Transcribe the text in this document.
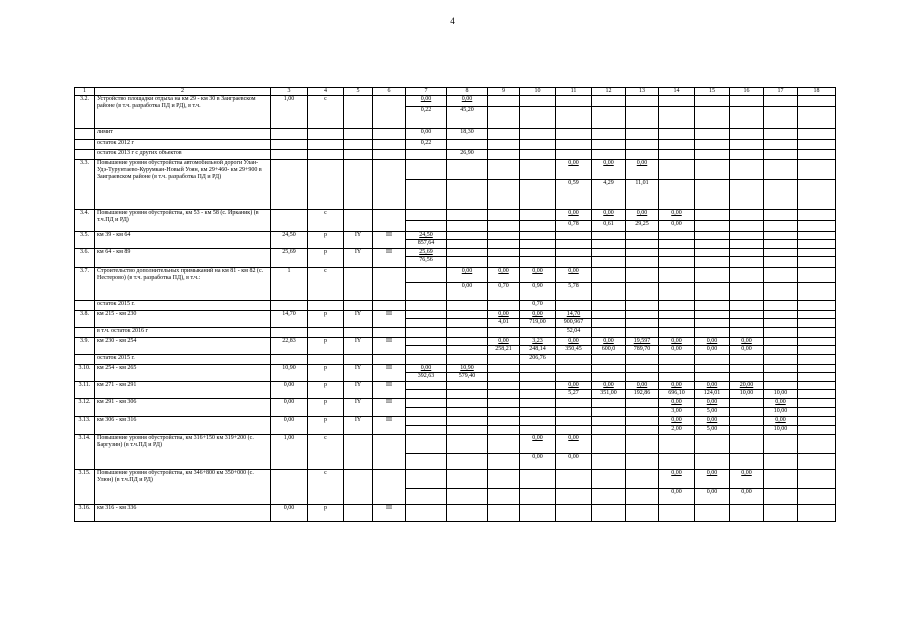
4
1	2	3	4	5	6	7	8	9	10	11	12	13	14	15	16	17	18
3.2.	Устройство площадки отдыха на км 29 - км 30 в Заиграевском районе (в т.ч. разработка ПД и РД), в т.ч.	1,00	с			0,00	0,00										
						0,22	45,20										
	лимит					0,00	18,30										
	остаток 2012 г					0,22											
	остаток 2013 г с других объектов						26,90										
3.3.	Повышение уровня обустройства автомобильной дороги Улан-Удэ-Турунтаево-Курумкан-Новый Уоян, км 29+460- км 29+900 в Заиграевском районе (в т.ч. разработка ПД и РД)									0,00	0,00	0,00					
										0,59	4,29	11,01					
3.4.	Повышение уровня обустройства, км 53 - км 58 (с. Ирканик) (в т.ч.ПД и РД)		с							0,00	0,00	0,00	0,00				
										0,78	0,61	29,25	0,00				
3.5.	км 39 - км 64	24,50	р	IY	III	24,50											
						857,64											
3.6.	км 64 - км 89	25,69	р	IY	III	25,69											
						76,56											
3.7.	Строительство дополнительных примыканий на км 81 - км 82 (с. Нестерово) (в т.ч. разработка ПД), в т.ч.:	1	с				0,00	0,00	0,00	0,00							
							0,00	0,70	0,90	5,78							
	остаток 2015 г.								0,70								
3.8.	км 215 - км 230	14,70	р	IY	III			0,00	0,00	14,70							
								4,01	719,00	900,967							
	в т.ч. остаток 2016 г									52,04							
3.9.	км 230 - км 254	22,83	р	IY	III			0,00	3,23	0,00	0,00	19,597	0,00	0,00	0,00		
								258,21	248,14	350,45	600,0	789,70	0,00	0,00	0,00		
	остаток 2015 г.								206,76								
3.10.	км 254 - км 265	10,90	р	IY	III	0,00	10,90										
						392,63	579,40										
3.11.	км 271 - км 291	0,00	р	IY	III					0,00	0,00	0,00	0,00	0,00	20,00		
										5,27	351,00	192,86	696,10	124,01	10,00	10,00	
3.12.	км 291 - км 306	0,00	р	IY	III								0,00	0,00		0,00	
													3,00	5,00		10,00	
3.13.	км 306 - км 316	0,00	р	IY	III								0,00	0,00		0,00	
													2,00	5,00		10,00	
3.14.	Повышение уровня обустройства, км 316+150 км 319+200 (с. Баргузин) (в т.ч.ПД и РД)	1,00	с						0,00	0,00							
									0,00	0,00							
3.15.	Повышение уровня обустройства, км 346+800 км 350+000 (с. Улюн) (в т.ч.ПД и РД)		с										0,00	0,00	0,00		
													0,00	0,00	0,00		
3.16.	км 316 - км 336	0,00	р		III												
